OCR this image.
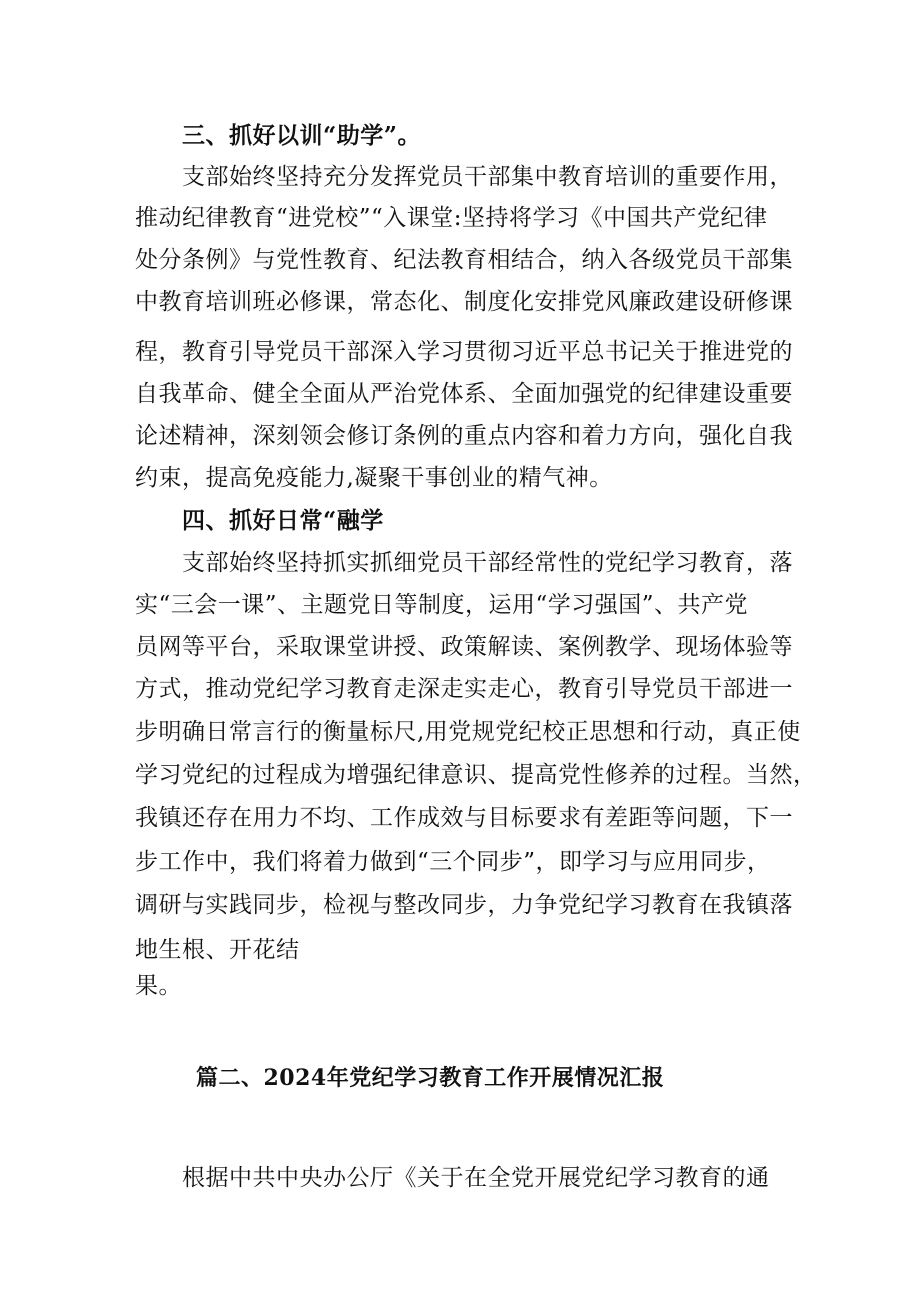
三、抓好以训“助学”。
支部始终坚持充分发挥党员干部集中教育培训的重要作用，
推动纪律教育“进党校”“入课堂:坚持将学习《中国共产党纪律
处分条例》与党性教育、纪法教育相结合，纳入各级党员干部集
中教育培训班必修课，常态化、制度化安排党风廉政建设研修课
程，教育引导党员干部深入学习贯彻习近平总书记关于推进党的
自我革命、健全全面从严治党体系、全面加强党的纪律建设重要
论述精神，深刻领会修订条例的重点内容和着力方向，强化自我
约束，提高免疫能力,凝聚干事创业的精气神。
四、抓好日常“融学
支部始终坚持抓实抓细党员干部经常性的党纪学习教育，落
实“三会一课”、主题党日等制度，运用“学习强国”、共产党
员网等平台，采取课堂讲授、政策解读、案例教学、现场体验等
方式，推动党纪学习教育走深走实走心，教育引导党员干部进一
步明确日常言行的衡量标尺,用党规党纪校正思想和行动，真正使
学习党纪的过程成为增强纪律意识、提高党性修养的过程。当然，
我镇还存在用力不均、工作成效与目标要求有差距等问题，下一
步工作中，我们将着力做到“三个同步”，即学习与应用同步，
调研与实践同步，检视与整改同步，力争党纪学习教育在我镇落
地生根、开花结
果。
篇二、2024年党纪学习教育工作开展情况汇报
根据中共中央办公厅《关于在全党开展党纪学习教育的通
